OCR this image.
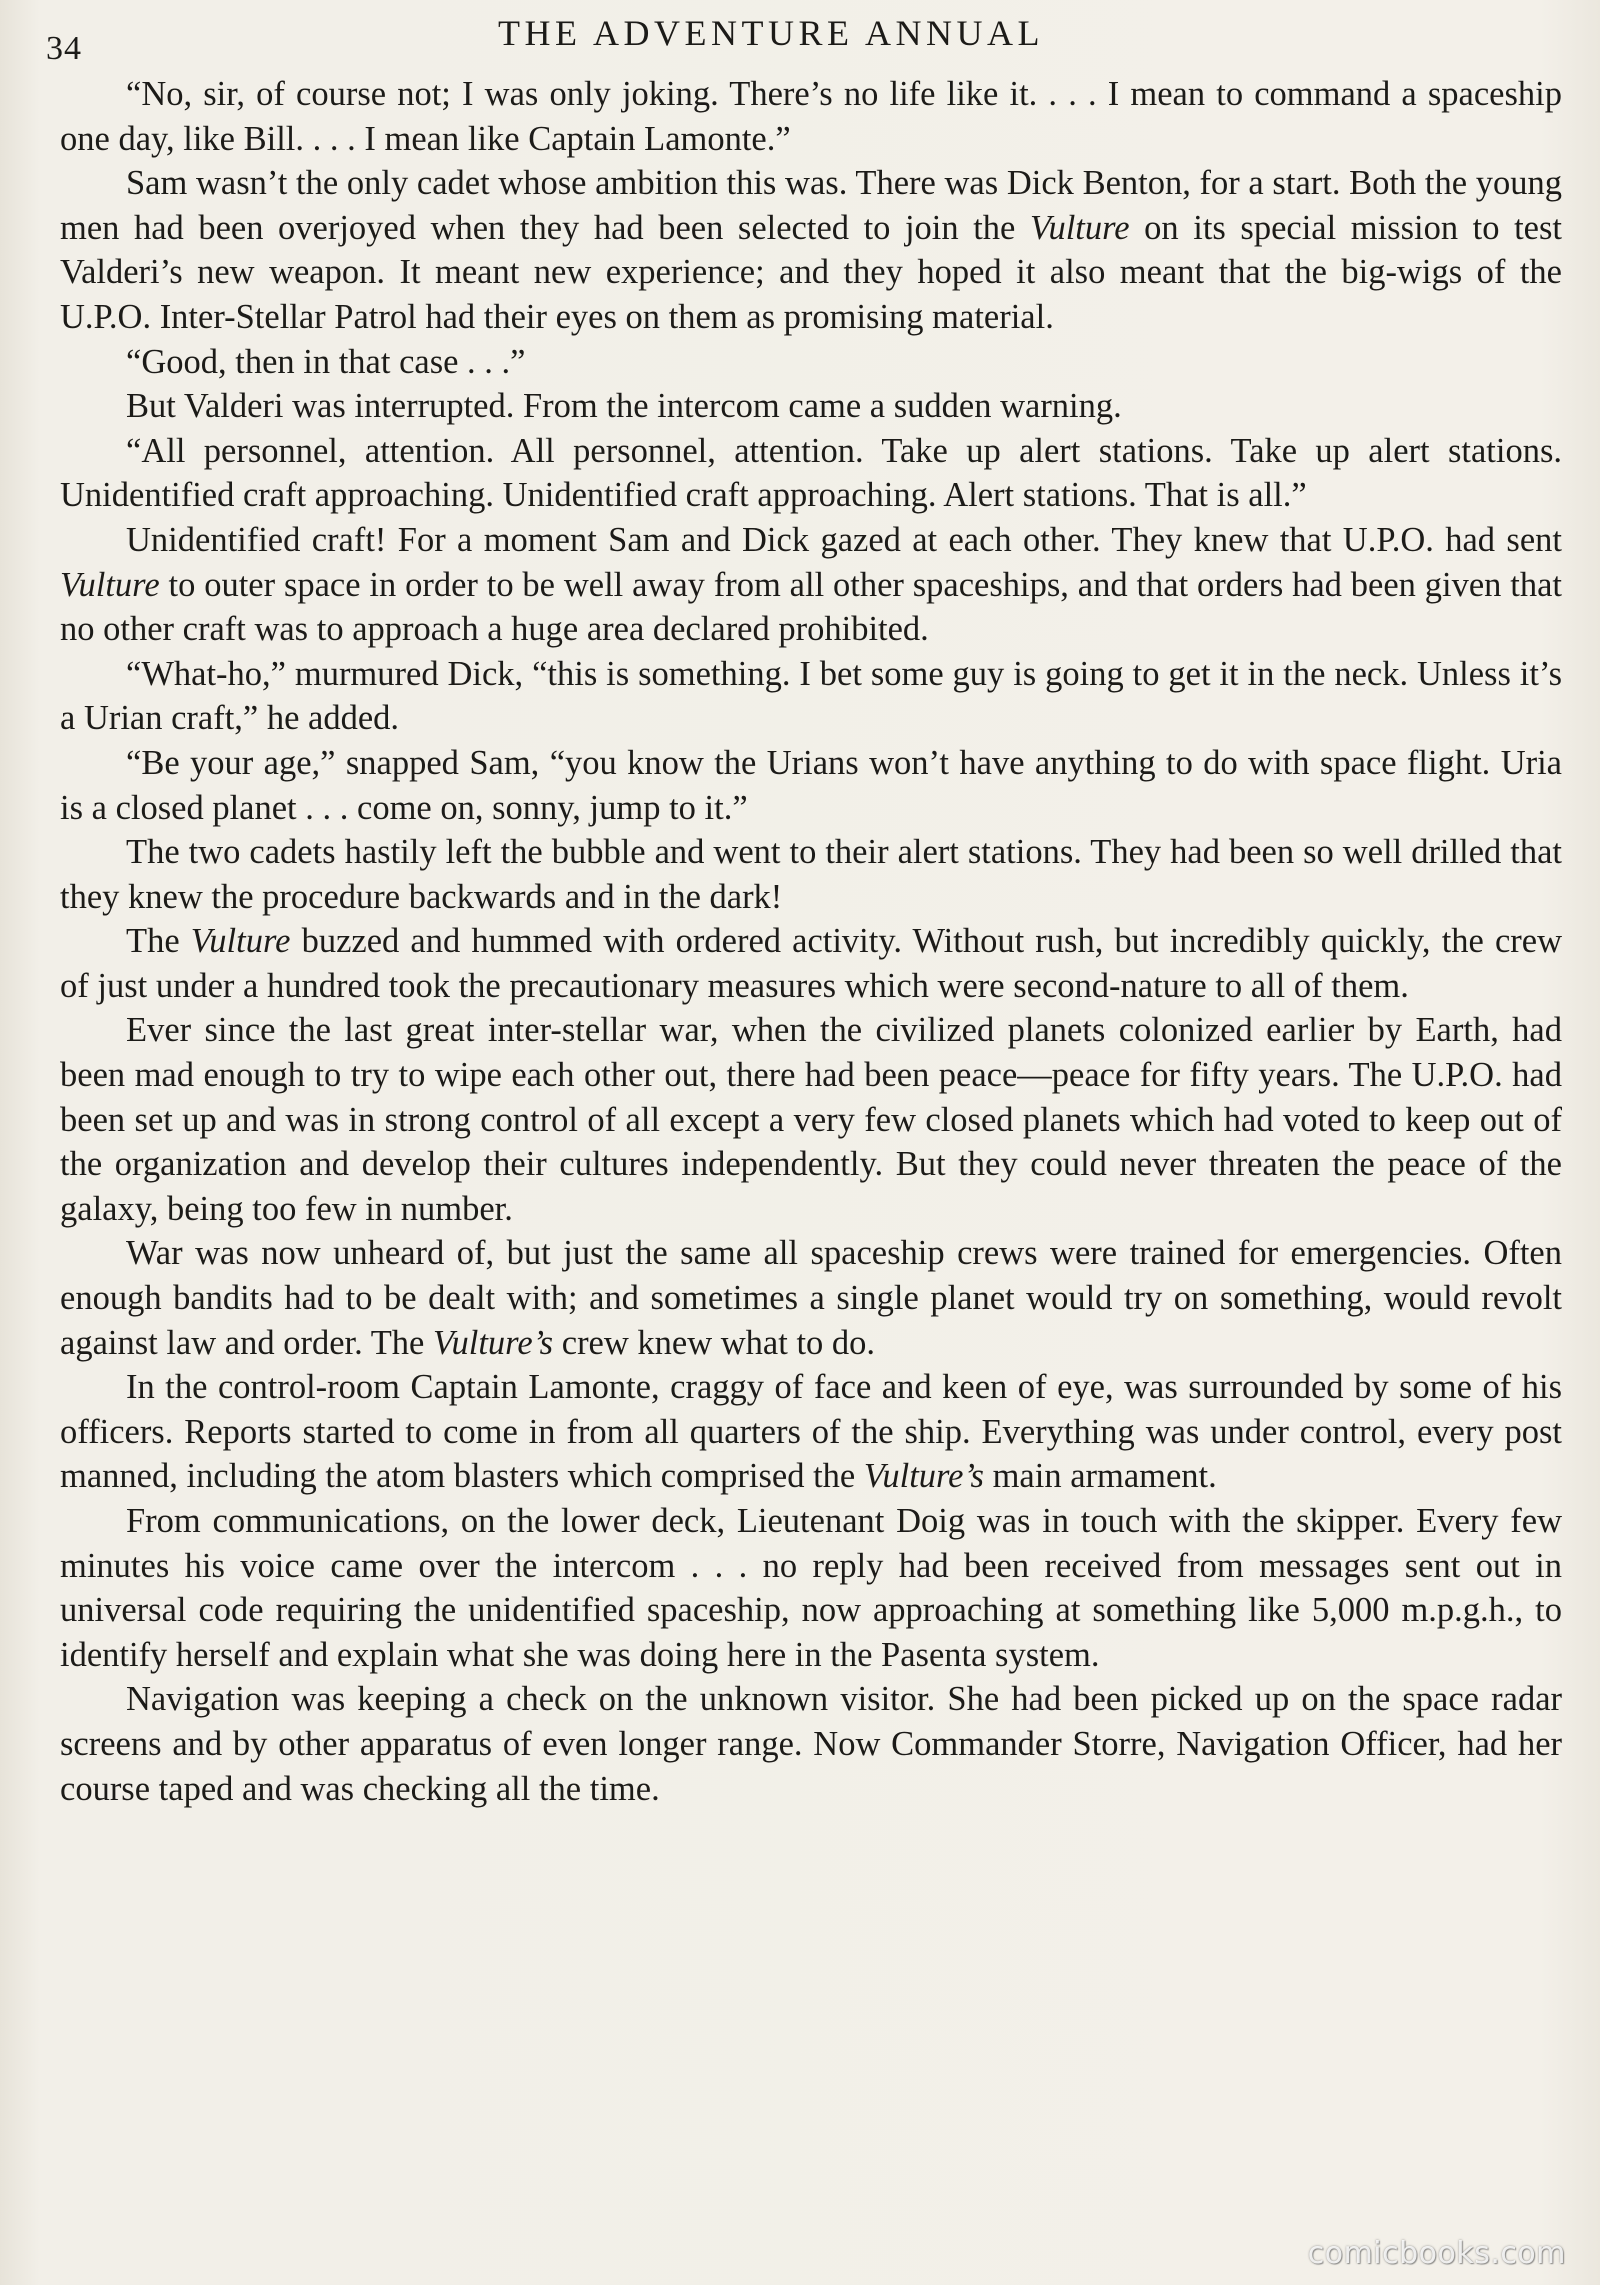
34	THE ADVENTURE ANNUAL

“No, sir, of course not; I was only joking. There’s no life like it. . . . I mean to command a spaceship one day, like Bill. . . . I mean like Captain Lamonte.”

Sam wasn’t the only cadet whose ambition this was. There was Dick Benton, for a start. Both the young men had been overjoyed when they had been selected to join the Vulture on its special mission to test Valderi’s new weapon. It meant new experience; and they hoped it also meant that the big-wigs of the U.P.O. Inter-Stellar Patrol had their eyes on them as promising material.

“Good, then in that case . . .”

But Valderi was interrupted. From the intercom came a sudden warning.

“All personnel, attention. All personnel, attention. Take up alert stations. Take up alert stations. Unidentified craft approaching. Unidentified craft approaching. Alert stations. That is all.”

Unidentified craft! For a moment Sam and Dick gazed at each other. They knew that U.P.O. had sent Vulture to outer space in order to be well away from all other spaceships, and that orders had been given that no other craft was to approach a huge area declared prohibited.

“What-ho,” murmured Dick, “this is something. I bet some guy is going to get it in the neck. Unless it’s a Urian craft,” he added.

“Be your age,” snapped Sam, “you know the Urians won’t have anything to do with space flight. Uria is a closed planet . . . come on, sonny, jump to it.”

The two cadets hastily left the bubble and went to their alert stations. They had been so well drilled that they knew the procedure backwards and in the dark!

The Vulture buzzed and hummed with ordered activity. Without rush, but incredibly quickly, the crew of just under a hundred took the precautionary measures which were second-nature to all of them.

Ever since the last great inter-stellar war, when the civilized planets colonized earlier by Earth, had been mad enough to try to wipe each other out, there had been peace—peace for fifty years. The U.P.O. had been set up and was in strong control of all except a very few closed planets which had voted to keep out of the organization and develop their cultures independently. But they could never threaten the peace of the galaxy, being too few in number.

War was now unheard of, but just the same all spaceship crews were trained for emergencies. Often enough bandits had to be dealt with; and sometimes a single planet would try on something, would revolt against law and order. The Vulture’s crew knew what to do.

In the control-room Captain Lamonte, craggy of face and keen of eye, was surrounded by some of his officers. Reports started to come in from all quarters of the ship. Everything was under control, every post manned, including the atom blasters which comprised the Vulture’s main armament.

From communications, on the lower deck, Lieutenant Doig was in touch with the skipper. Every few minutes his voice came over the intercom . . . no reply had been received from messages sent out in universal code requiring the unidentified spaceship, now approaching at something like 5,000 m.p.g.h., to identify herself and explain what she was doing here in the Pasenta system.

Navigation was keeping a check on the unknown visitor. She had been picked up on the space radar screens and by other apparatus of even longer range. Now Commander Storre, Navigation Officer, had her course taped and was checking all the time.

comicbooks.com
